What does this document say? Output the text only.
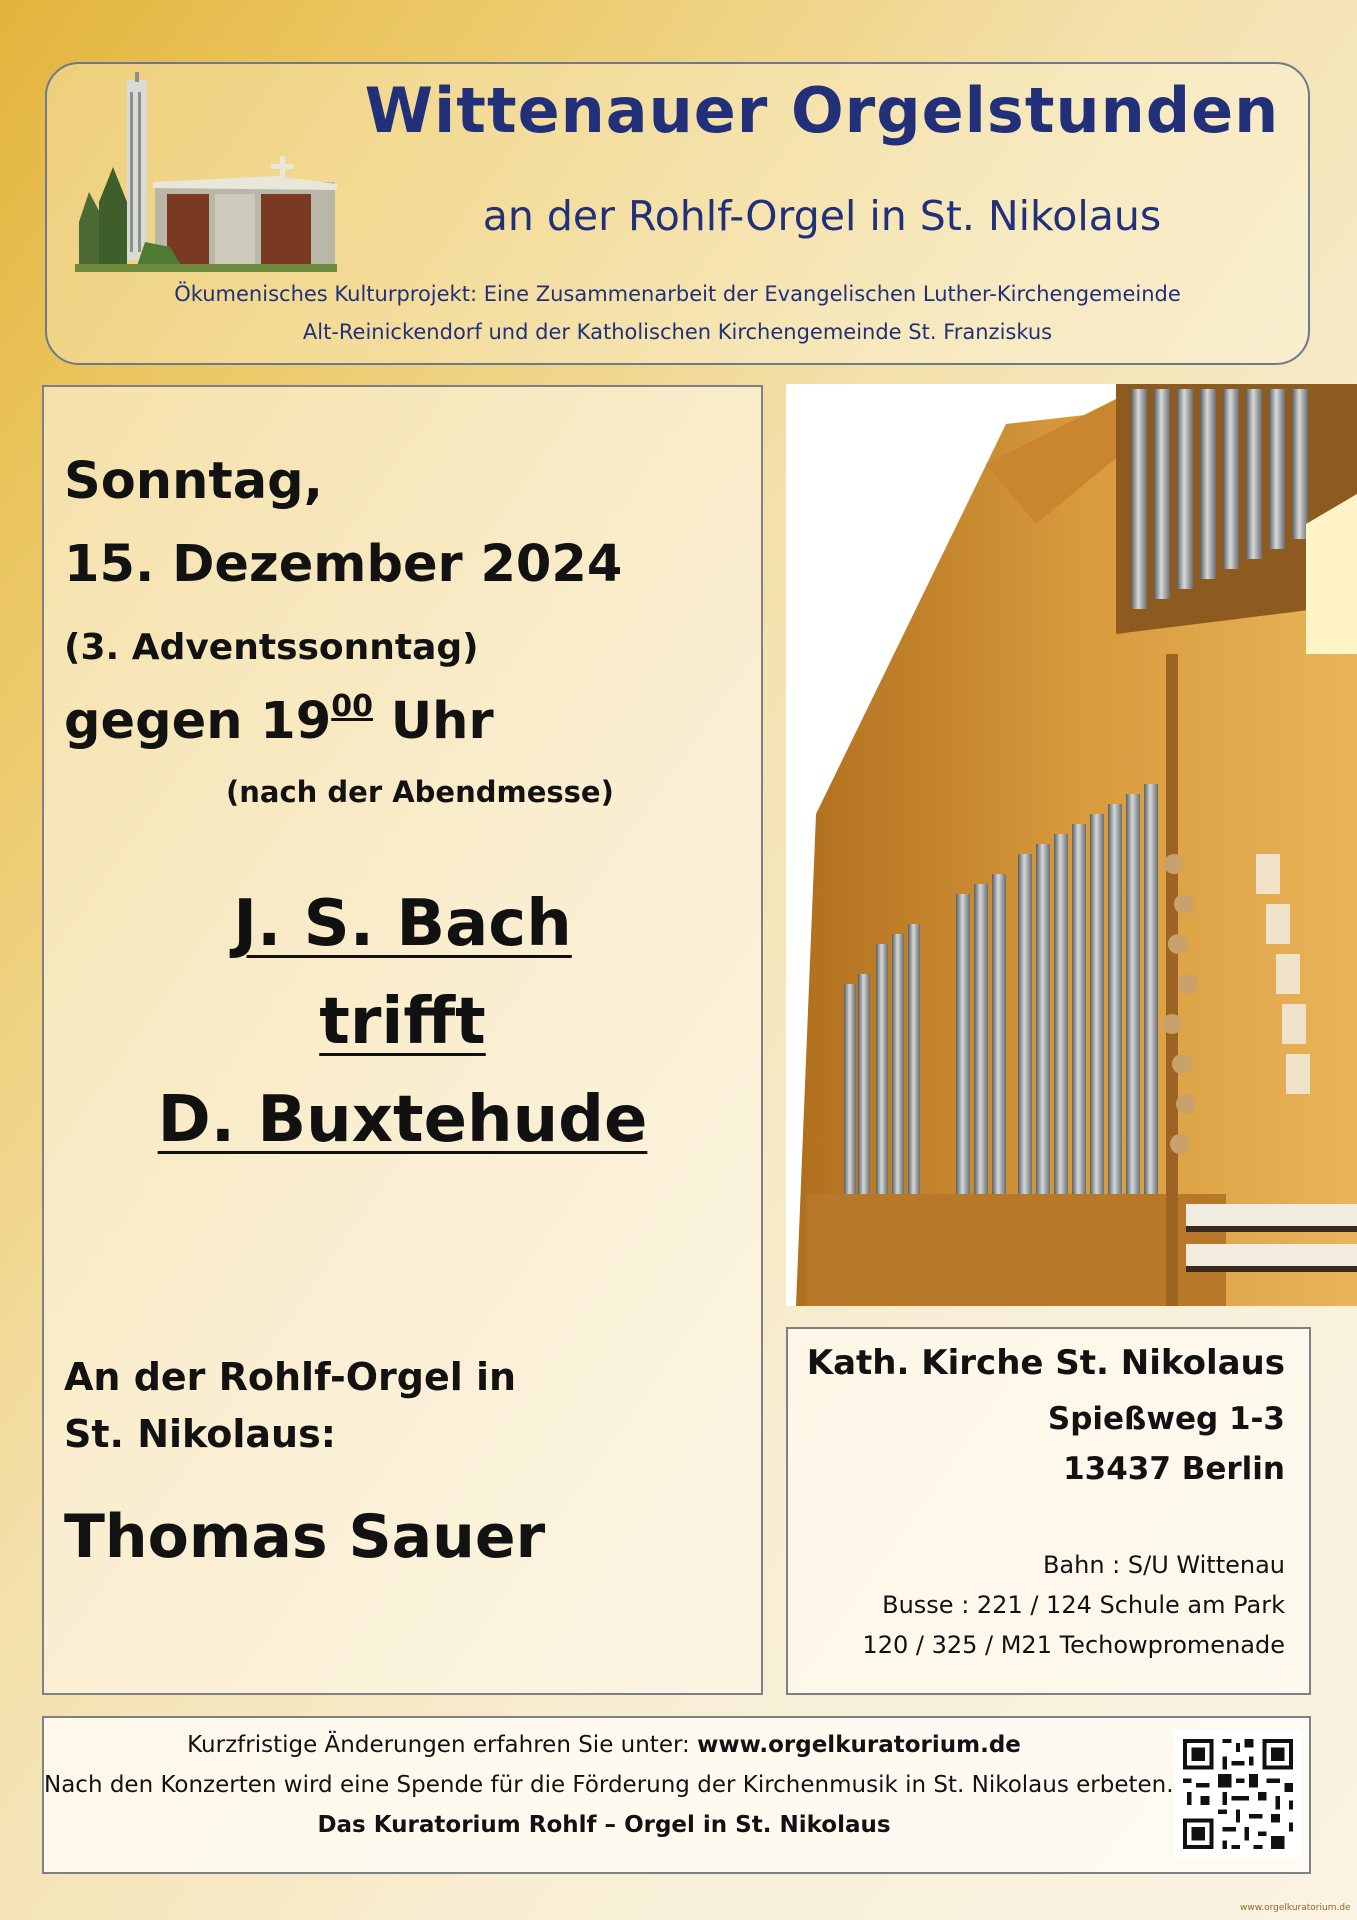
Wittenauer Orgelstunden
an der Rohlf-Orgel in St. Nikolaus
Ökumenisches Kulturprojekt: Eine Zusammenarbeit der Evangelischen Luther-Kirchengemeinde
Alt-Reinickendorf und der Katholischen Kirchengemeinde St. Franziskus
Sonntag,
15. Dezember 2024
(3. Adventssonntag)
gegen $19^{00}$ Uhr
(nach der Abendmesse)
J. S. Bach
trifft
D. Buxtehude
An der Rohlf-Orgel in
St. Nikolaus:
Thomas Sauer
Kath. Kirche St. Nikolaus
Spießweg 1-3
13437 Berlin
Bahn : S/U Wittenau
Busse : 221 / 124 Schule am Park
120 / 325 / M21 Techowpromenade
Kurzfristige Änderungen erfahren Sie unter: www.orgelkuratorium.de
Nach den Konzerten wird eine Spende für die Förderung der Kirchenmusik in St. Nikolaus erbeten.
Das Kuratorium Rohlf – Orgel in St. Nikolaus
www.orgelkuratorium.de
